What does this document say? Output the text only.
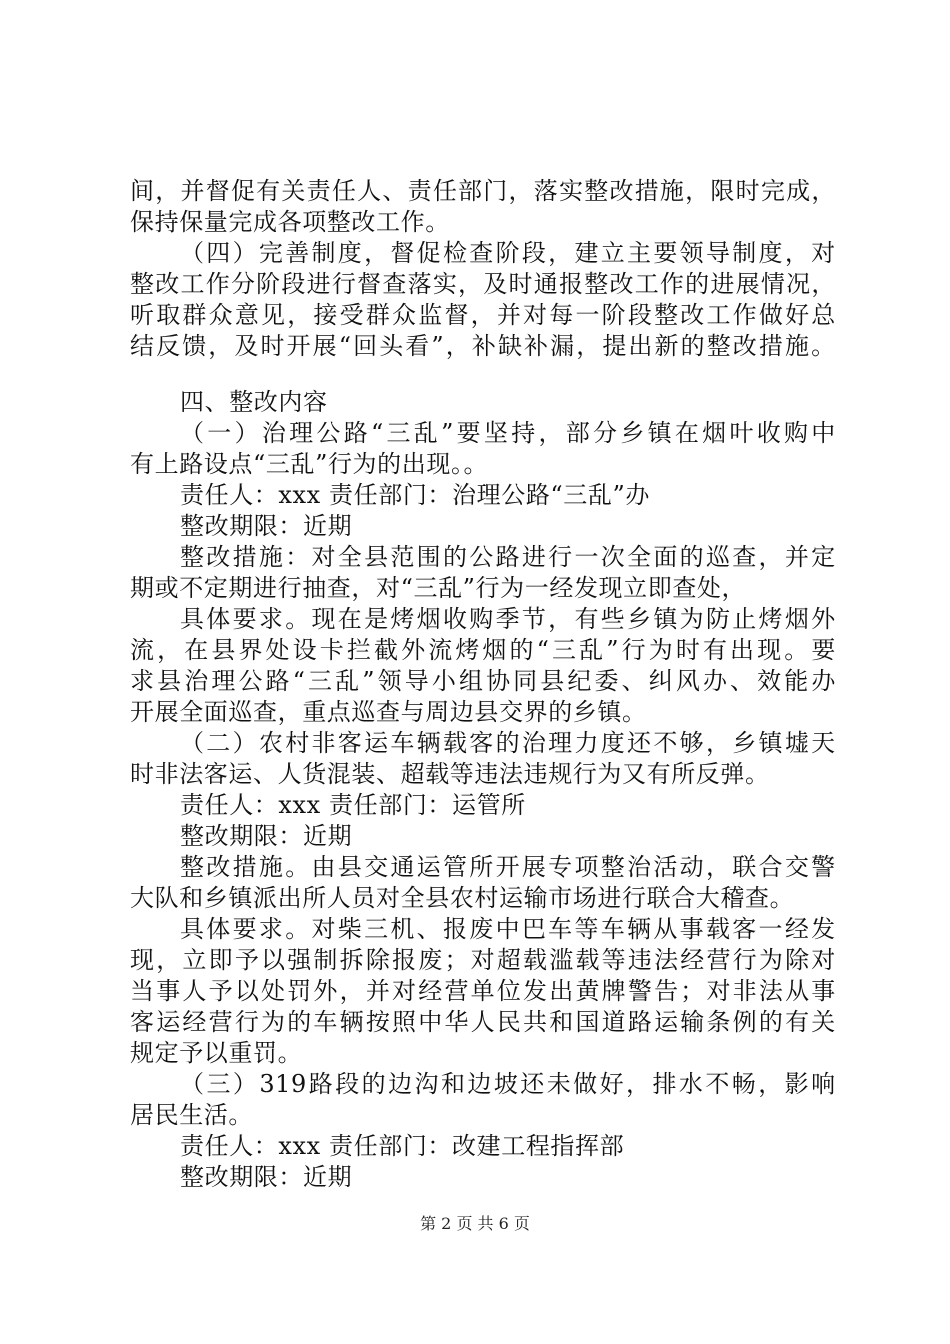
间 ， 并 督 促 有 关 责 任 人 、 责 任 部 门 ， 落 实 整 改 措 施 ， 限 时 完 成 ，
保持保量完成各项整改工作。
（ 四 ） 完 善 制 度 ， 督 促 检 查 阶 段 ， 建 立 主 要 领 导 制 度 ， 对
整 改 工 作 分 阶 段 进 行 督 查 落 实 ， 及 时 通 报 整 改 工 作 的 进 展 情 况 ，
听 取 群 众 意 见 ， 接 受 群 众 监 督 ， 并 对 每 一 阶 段 整 改 工 作 做 好 总
结 反 馈 ， 及 时 开 展 “ 回 头 看 ” ， 补 缺 补 漏 ， 提 出 新 的 整 改 措 施 。
四、整改内容
（ 一 ） 治 理 公 路 “ 三 乱 ” 要 坚 持 ， 部 分 乡 镇 在 烟 叶 收 购 中
有上路设点“三乱”行为的出现。。
责任人：xxx 责任部门：治理公路“三乱”办
整改期限：近期
整 改 措 施 ： 对 全 县 范 围 的 公 路 进 行 一 次 全 面 的 巡 查 ， 并 定
期或不定期进行抽查，对“三乱”行为一经发现立即查处，
具 体 要 求 。 现 在 是 烤 烟 收 购 季 节 ， 有 些 乡 镇 为 防 止 烤 烟 外
流 ， 在 县 界 处 设 卡 拦 截 外 流 烤 烟 的 “ 三 乱 ” 行 为 时 有 出 现 。 要
求 县 治 理 公 路 “ 三 乱 ” 领 导 小 组 协 同 县 纪 委 、 纠 风 办 、 效 能 办
开展全面巡查，重点巡查与周边县交界的乡镇。
（ 二 ） 农 村 非 客 运 车 辆 载 客 的 治 理 力 度 还 不 够 ， 乡 镇 墟 天
时非法客运、人货混装、超载等违法违规行为又有所反弹。
责任人：xxx 责任部门：运管所
整改期限：近期
整 改 措 施 。 由 县 交 通 运 管 所 开 展 专 项 整 治 活 动 ， 联 合 交 警
大队和乡镇派出所人员对全县农村运输市场进行联合大稽查。
具 体 要 求 。 对 柴 三 机 、 报 废 中 巴 车 等 车 辆 从 事 载 客 一 经 发
现 ， 立 即 予 以 强 制 拆 除 报 废 ； 对 超 载 滥 载 等 违 法 经 营 行 为 除 对
当 事 人 予 以 处 罚 外 ， 并 对 经 营 单 位 发 出 黄 牌 警 告 ； 对 非 法 从 事
客 运 经 营 行 为 的 车 辆 按 照 中 华 人 民 共 和 国 道 路 运 输 条 例 的 有 关
规定予以重罚。
（ 三 ） 319 路 段 的 边 沟 和 边 坡 还 未 做 好 ， 排 水 不 畅 ， 影 响
居民生活。
责任人：xxx 责任部门：改建工程指挥部
整改期限：近期
第 2 页 共 6 页
